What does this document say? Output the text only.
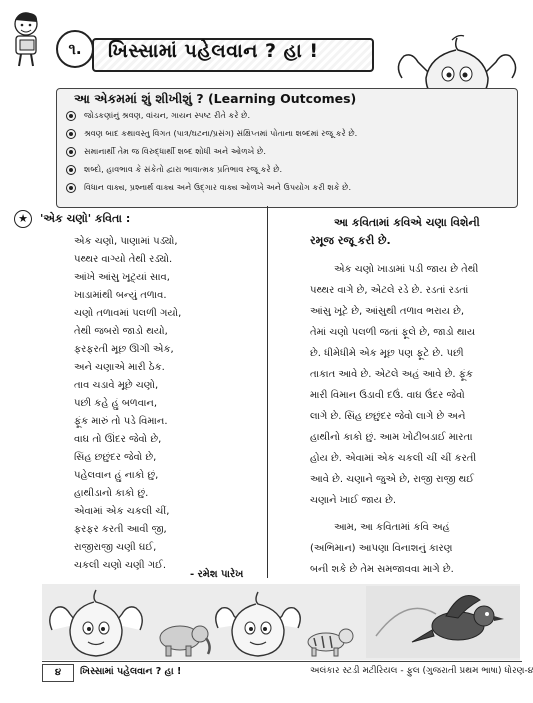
૧.	ખિસ્સામાં પહેલવાન ? હા !
આ એકમમાં શું શીખીશું ? (Learning Outcomes)
જોડકણાંનું શ્રવણ, વાંચન, ગાયન સ્પષ્ટ રીતે કરે છે.
શ્રવણ બાદ કથાવસ્તુ વિગત (પાત્ર/ઘટના/પ્રસંગ) સંક્ષિપ્તમાં પોતાના શબ્દમાં રજૂ કરે છે.
સમાનાર્થી તેમ જ વિરુદ્ધાર્થી શબ્દ શોધી અને ઓળખે છે.
શબ્દો, હાવભાવ કે સંકેતો દ્વારા ભાવાત્મક પ્રતિભાવ રજૂ કરે છે.
વિધાન વાક્ય, પ્રશ્નાર્થ વાક્ય અને ઉદ્ગાર વાક્ય ઓળખે અને ઉપયોગ કરી શકે છે.
★	'એક ચણો' કવિતા :
એક ચણો, પાણામાં પડ્યો,
પથ્થર વાગ્યો તેથી રડ્યો.
આંખે આંસુ ખૂટ્યાં સાવ,
ખાડામાંથી બન્યું તળાવ.
ચણો તળાવમાં પલળી ગયો,
તેથી જબરો જાડો થયો,
ફરફરતી મૂછ ઊગી એક,
અને ચણાએ મારી ઠેક.
તાવ ચડાવે મૂછે ચણો,
પછી કહે હું બળવાન,
ફૂંક મારું તો પડે વિમાન.
વાઘ તો ઊંદર જેવો છે,
સિંહ છછુંદર જેવો છે,
પહેલવાન હું નાકો છું,
હાથીડાનો કાકો છું.
એવામાં એક ચકલી ચીં,
ફરફર કરતી આવી જી,
રાજીરાજી ચણી ઘઈ,
ચકલી ચણો ચણી ગઈ.
- રમેશ પારેખ
આ કવિતામાં કવિએ ચણા વિશેની
રમૂજ રજૂ કરી છે.
એક ચણો ખાડામાં પડી જાય છે તેથી
પથ્થર વાગે છે, એટલે રડે છે. રડતાં રડતાં
આંસુ ખૂટે છે, આંસુથી તળાવ ભરાય છે,
તેમાં ચણો પલળી જતાં ફૂલે છે, જાડો થાય
છે. ધીમેધીમે એક મૂછ પણ ફૂટે છે. પછી
તાકાત આવે છે. એટલે અહં આવે છે. ફૂંક
મારી વિમાન ઉડાવી દઉં. વાઘ ઉંદર જેવો
લાગે છે. સિંહ છછુંદર જેવો લાગે છે અને
હાથીનો કાકો છું. આમ ખોટીબડાઈ મારતા
હોય છે. એવામાં એક ચકલી ચીં ચીં કરતી
આવે છે. ચણાને જુએ છે, રાજી રાજી થઈ
ચણાને ખાઈ જાય છે.
આમ, આ કવિતામાં કવિ અહં
(અભિમાન) આપણા વિનાશનું કારણ
બની શકે છે તેમ સમજાવવા માગે છે.
૪	ખિસ્સામાં પહેલવાન ? હા !	અલંકાર સ્ટડી મટીરિયલ - ફુલ (ગુજરાતી પ્રથમ ભાષા) ધોરણ-૪
